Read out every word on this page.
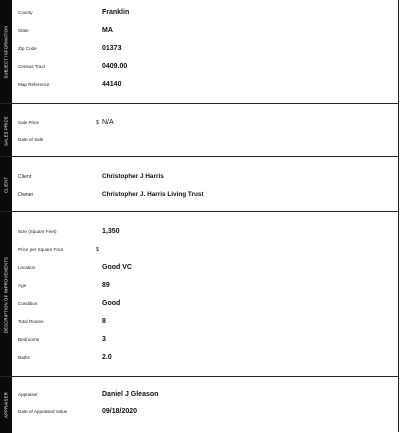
SUBJECT INFORMATION
County	Franklin
State	MA
Zip Code	01373
Census Tract	0409.00
Map Reference	44140
SALES PRICE Sale Price	$ N/A
Date of Sale
CLIENT Client	Christopher J Harris
Owner	Christopher J. Harris Living Trust
DESCRIPTION OF IMPROVEMENTS
Size (Square Feet)	1,350
Price per Square Foot	$
Location	Good VC
Age	89
Condition	Good
Total Rooms	8
Bedrooms	3
Baths	2.0
APPRAISER Appraiser	Daniel J Gleason
Date of Appraised Value	09/18/2020
